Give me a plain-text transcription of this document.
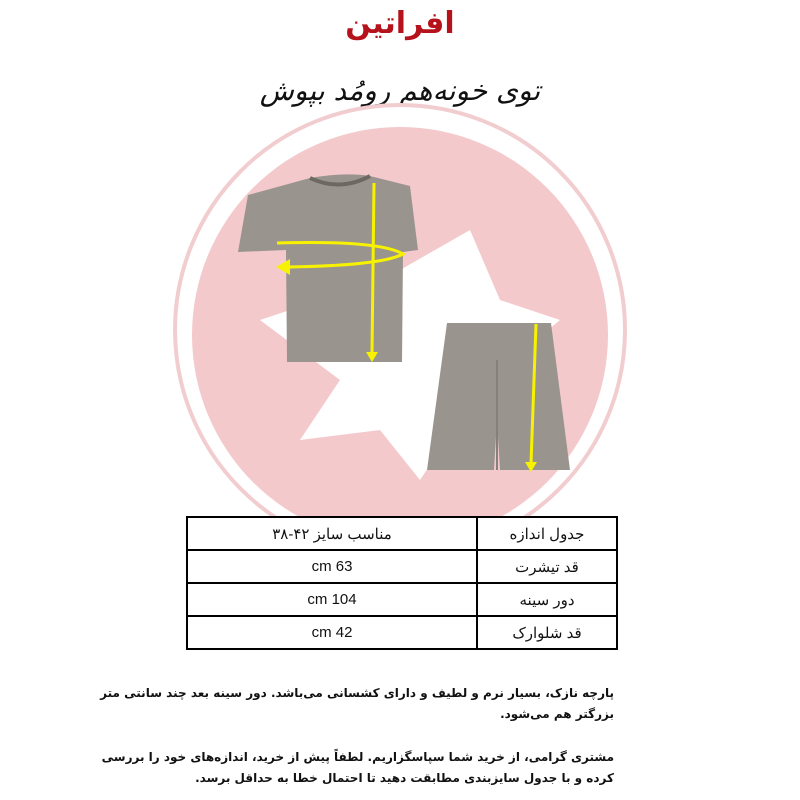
افراتین
توی خونه‌هم رومُد بپوش
جدول اندازه	مناسب سایز ۴۲-۳۸
قد تیشرت	63 cm
دور سینه	104 cm
قد شلوارک	42 cm

پارچه نازک، بسیار نرم و لطیف و دارای کشسانی می‌باشد. دور سینه بعد چند سانتی متر بزرگتر هم می‌شود.

مشتری گرامی، از خرید شما سپاسگزاریم. لطفاً پیش از خرید، اندازه‌های خود را بررسی کرده و با جدول سایزبندی مطابقت دهید تا احتمال خطا به حداقل برسد.
